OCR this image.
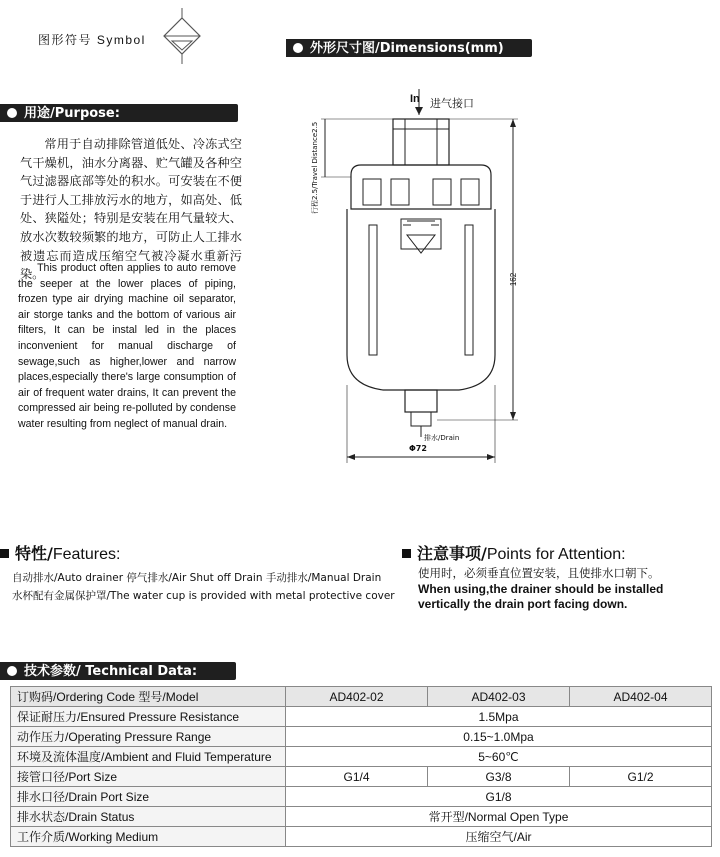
图形符号 Symbol
外形尺寸图/Dimensions(mm)
In 进气接口
行程2.5/Travel Distance2.5
162
排水/Drain
Φ72
用途/Purpose:
常用于自动排除管道低处、冷冻式空气干燥机，油水分离器、贮气罐及各种空气过滤器底部等处的积水。可安装在不便于进行人工排放污水的地方，如高处、低处、狭隘处；特别是安装在用气量较大、放水次数较频繁的地方，可防止人工排水被遗忘而造成压缩空气被冷凝水重新污染。
This product often applies to auto remove the seeper at the lower places of piping, frozen type air drying machine oil separator, air storge tanks and the bottom of various air filters, It can be instal led in the places inconvenient for manual discharge of sewage,such as higher,lower and narrow places,especially there's large consumption of air of frequent water drains, It can prevent the compressed air being re-polluted by condense water resulting from neglect of manual drain.
特性/Features:
自动排水/Auto drainer 停气排水/Air Shut off Drain 手动排水/Manual Drain
水杯配有金属保护罩/The water cup is provided with metal protective cover
注意事项/Points for Attention:
使用时，必须垂直位置安装，且使排水口朝下。
When using,the drainer should be installed
vertically the drain port facing down.
技术参数/ Technical Data:
订购码/Ordering Code 型号/Model	AD402-02	AD402-03	AD402-04
保证耐压力/Ensured Pressure Resistance	1.5Mpa		
动作压力/Operating Pressure Range	0.15~1.0Mpa		
环境及流体温度/Ambient and Fluid Temperature	5~60℃		
接管口径/Port Size	G1/4	G3/8	G1/2
排水口径/Drain Port Size	G1/8		
排水状态/Drain Status	常开型/Normal Open Type		
工作介质/Working Medium	压缩空气/Air		
